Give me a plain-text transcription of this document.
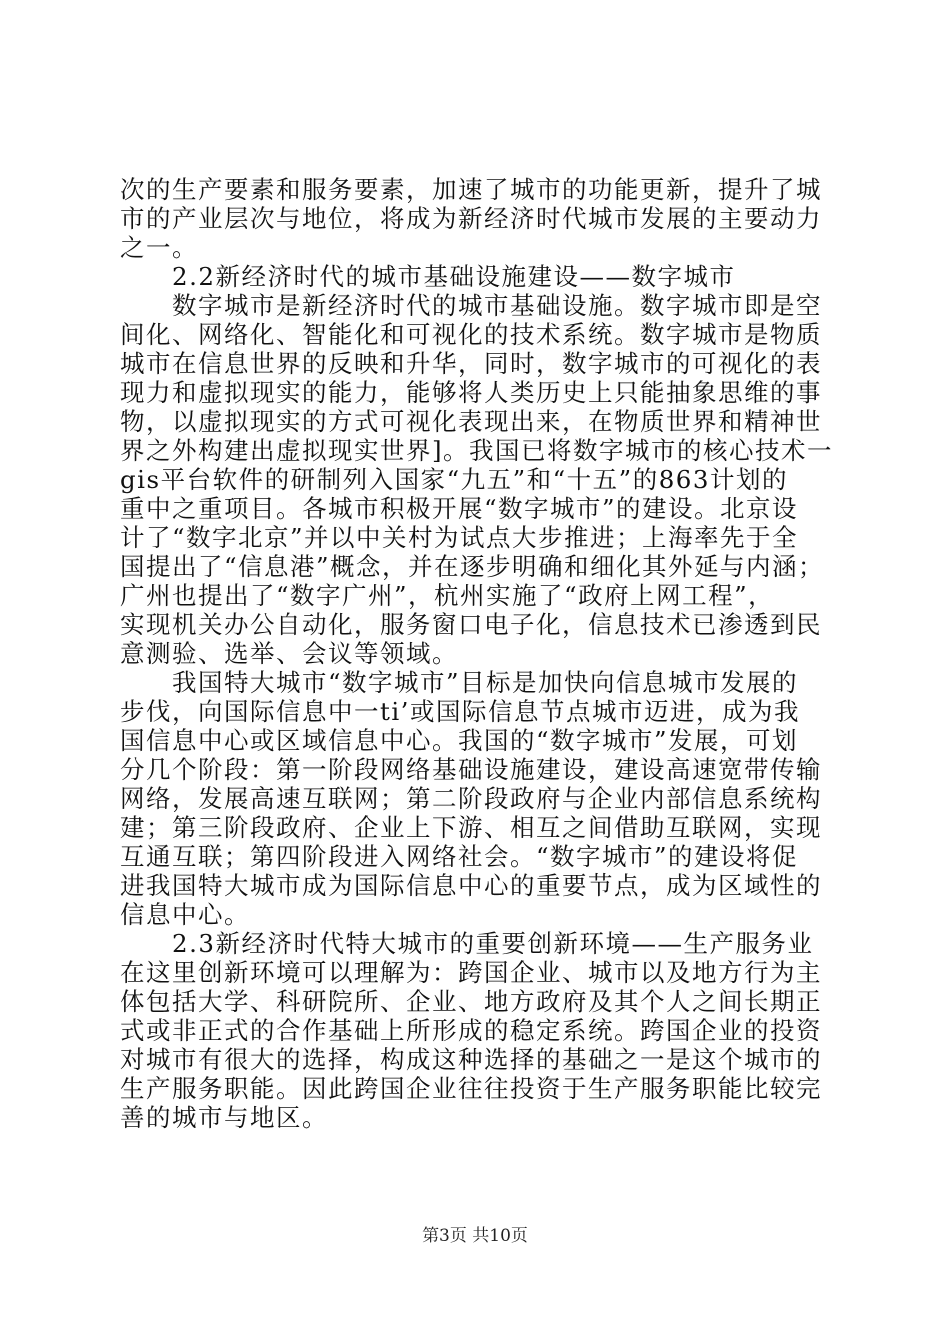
次的生产要素和服务要素，加速了城市的功能更新，提升了城
市的产业层次与地位，将成为新经济时代城市发展的主要动力
之一。
　　2.2新经济时代的城市基础设施建设——数字城市
　　数字城市是新经济时代的城市基础设施。数字城市即是空
间化、网络化、智能化和可视化的技术系统。数字城市是物质
城市在信息世界的反映和升华，同时，数字城市的可视化的表
现力和虚拟现实的能力，能够将人类历史上只能抽象思维的事
物，以虚拟现实的方式可视化表现出来，在物质世界和精神世
界之外构建出虚拟现实世界]。我国已将数字城市的核心技术一
gis平台软件的研制列入国家“九五”和“十五”的863计划的
重中之重项目。各城市积极开展“数字城市”的建设。北京设
计了“数字北京”并以中关村为试点大步推进；上海率先于全
国提出了“信息港”概念，并在逐步明确和细化其外延与内涵；
广州也提出了“数字广州”，杭州实施了“政府上网工程”，
实现机关办公自动化，服务窗口电子化，信息技术已渗透到民
意测验、选举、会议等领域。
　　我国特大城市“数字城市”目标是加快向信息城市发展的
步伐，向国际信息中一ti’或国际信息节点城市迈进，成为我
国信息中心或区域信息中心。我国的“数字城市”发展，可划
分几个阶段：第一阶段网络基础设施建设，建设高速宽带传输
网络，发展高速互联网；第二阶段政府与企业内部信息系统构
建；第三阶段政府、企业上下游、相互之间借助互联网，实现
互通互联；第四阶段进入网络社会。“数字城市”的建设将促
进我国特大城市成为国际信息中心的重要节点，成为区域性的
信息中心。
　　2.3新经济时代特大城市的重要创新环境——生产服务业
在这里创新环境可以理解为：跨国企业、城市以及地方行为主
体包括大学、科研院所、企业、地方政府及其个人之间长期正
式或非正式的合作基础上所形成的稳定系统。跨国企业的投资
对城市有很大的选择，构成这种选择的基础之一是这个城市的
生产服务职能。因此跨国企业往往投资于生产服务职能比较完
善的城市与地区。
第3页 共10页
